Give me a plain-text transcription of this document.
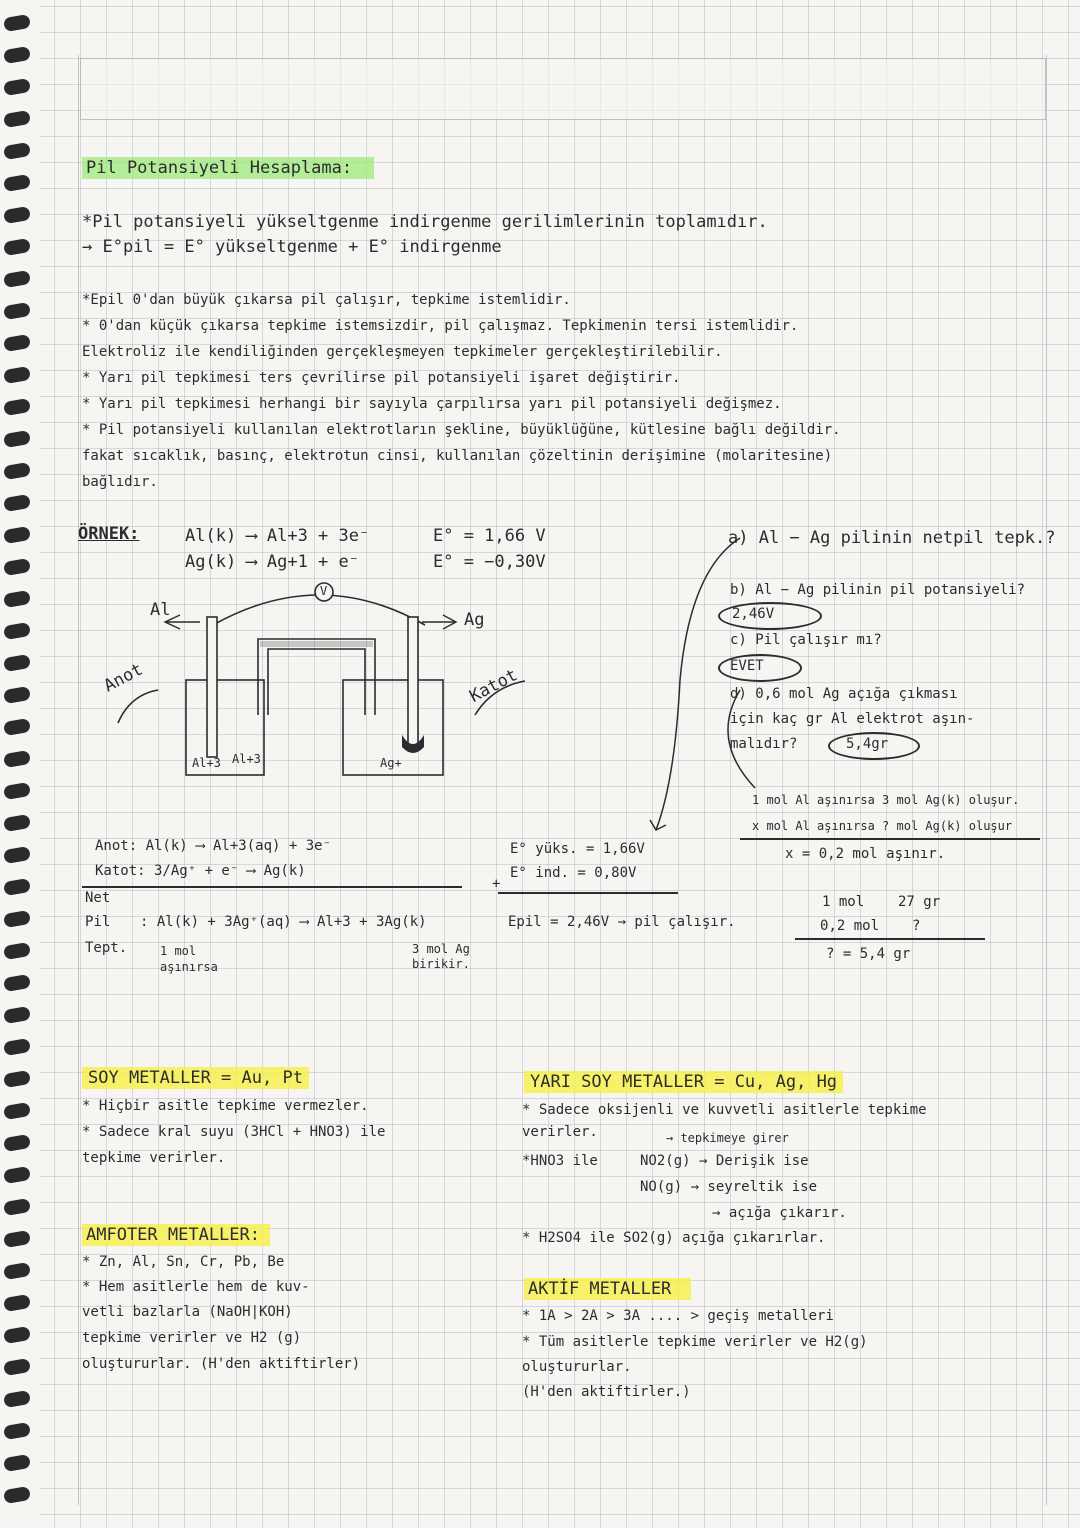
Pil Potansiyeli Hesaplama:
*Pil potansiyeli yükseltgenme indirgenme gerilimlerinin toplamıdır.
→ E°pil = E° yükseltgenme + E° indirgenme
*Epil 0'dan büyük çıkarsa pil çalışır, tepkime istemlidir.
* 0'dan küçük çıkarsa tepkime istemsizdir, pil çalışmaz. Tepkimenin tersi istemlidir.
Elektroliz ile kendiliğinden gerçekleşmeyen tepkimeler gerçekleştirilebilir.
* Yarı pil tepkimesi ters çevrilirse pil potansiyeli işaret değiştirir.
* Yarı pil tepkimesi herhangi bir sayıyla çarpılırsa yarı pil potansiyeli değişmez.
* Pil potansiyeli kullanılan elektrotların şekline, büyüklüğüne, kütlesine bağlı değildir.
fakat sıcaklık, basınç, elektrotun cinsi, kullanılan çözeltinin derişimine (molaritesine)
bağlıdır.
ÖRNEK:	Al(k) ⟶ Al+3 + 3e⁻
Ag(k) ⟶ Ag+1 + e⁻
E° = 1,66 V
E° = −0,30V
V
Al	Ag
Anot	Katot
Al+3 Al+3	Ag+
Anot: Al(k) ⟶ Al+3(aq) + 3e⁻
Katot: 3/Ag⁺ + e⁻ ⟶ Ag(k)
Net
Pil
Tept.
: Al(k) + 3Ag⁺(aq) ⟶ Al+3 + 3Ag(k)
1 mol
aşınırsa
3 mol Ag
birikir.
E° yüks. = 1,66V
E° ind. = 0,80V
+
Epil = 2,46V → pil çalışır.
a) Al − Ag pilinin netpil tepk.?
b) Al − Ag pilinin pil potansiyeli?
2,46V
c) Pil çalışır mı?
EVET
d) 0,6 mol Ag açığa çıkması
için kaç gr Al elektrot aşın-
malıdır?	5,4gr
1 mol Al aşınırsa 3 mol Ag(k) oluşur.
x mol Al aşınırsa ? mol Ag(k) oluşur
x = 0,2 mol aşınır.
1 mol 27 gr
0,2 mol ?
? = 5,4 gr
SOY METALLER = Au, Pt
* Hiçbir asitle tepkime vermezler.
* Sadece kral suyu (3HCl + HNO3) ile
tepkime verirler.
YARI SOY METALLER = Cu, Ag, Hg
* Sadece oksijenli ve kuvvetli asitlerle tepkime
verirler.	→ tepkimeye girer
*HNO3 ile	NO2(g) → Derişik ise
NO(g) → seyreltik ise
→ açığa çıkarır.
* H2SO4 ile SO2(g) açığa çıkarırlar.
AMFOTER METALLER:
* Zn, Al, Sn, Cr, Pb, Be
* Hem asitlerle hem de kuv-
vetli bazlarla (NaOH|KOH)
tepkime verirler ve H2 (g)
oluştururlar. (H'den aktiftirler)
AKTİF METALLER
* 1A > 2A > 3A .... > geçiş metalleri
* Tüm asitlerle tepkime verirler ve H2(g)
oluştururlar.
(H'den aktiftirler.)
